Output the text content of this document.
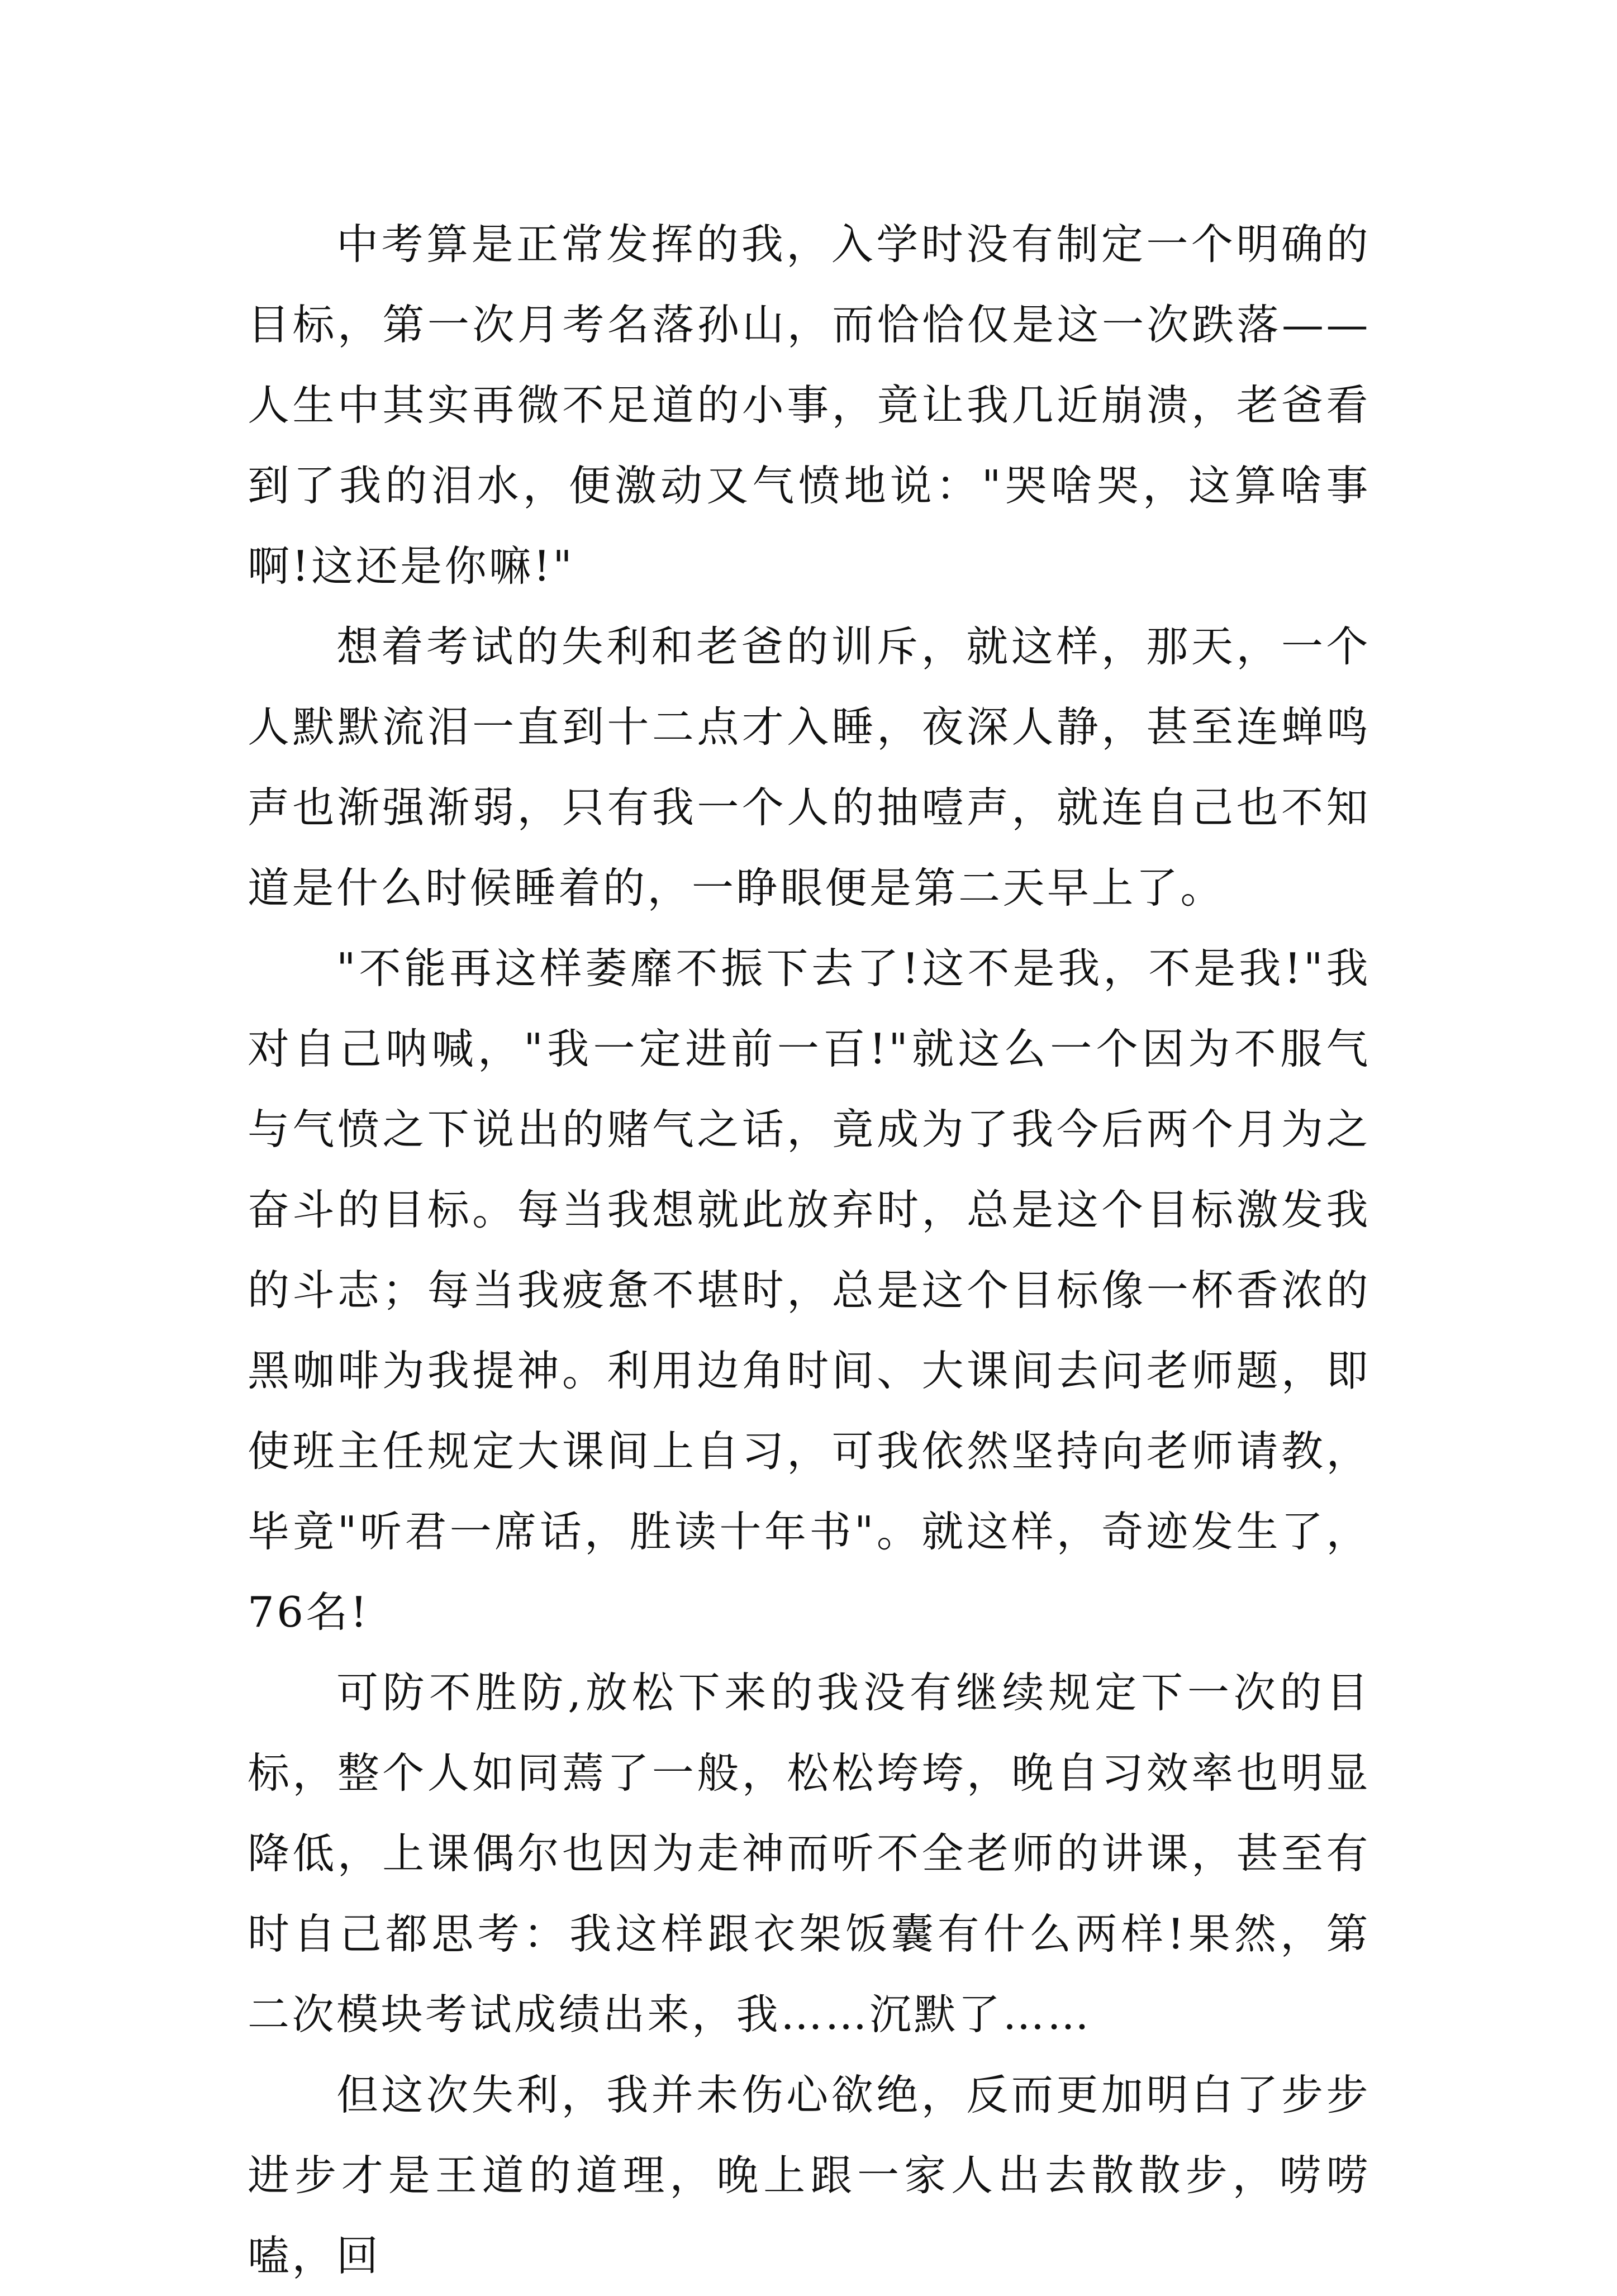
中考算是正常发挥的我，入学时没有制定一个明确的目标，第一次月考名落孙山，而恰恰仅是这一次跌落——人生中其实再微不足道的小事，竟让我几近崩溃，老爸看到了我的泪水，便激动又气愤地说："哭啥哭，这算啥事啊!这还是你嘛!"

想着考试的失利和老爸的训斥，就这样，那天，一个人默默流泪一直到十二点才入睡，夜深人静，甚至连蝉鸣声也渐强渐弱，只有我一个人的抽噎声，就连自己也不知道是什么时候睡着的，一睁眼便是第二天早上了。

"不能再这样萎靡不振下去了!这不是我，不是我!"我对自己呐喊，"我一定进前一百!"就这么一个因为不服气与气愤之下说出的赌气之话，竟成为了我今后两个月为之奋斗的目标。每当我想就此放弃时，总是这个目标激发我的斗志；每当我疲惫不堪时，总是这个目标像一杯香浓的黑咖啡为我提神。利用边角时间、大课间去问老师题，即使班主任规定大课间上自习，可我依然坚持向老师请教，毕竟"听君一席话，胜读十年书"。就这样，奇迹发生了，76名!

可防不胜防,放松下来的我没有继续规定下一次的目标，整个人如同蔫了一般，松松垮垮，晚自习效率也明显降低，上课偶尔也因为走神而听不全老师的讲课，甚至有时自己都思考：我这样跟衣架饭囊有什么两样!果然，第二次模块考试成绩出来，我……沉默了……

但这次失利，我并未伤心欲绝，反而更加明白了步步进步才是王道的道理，晚上跟一家人出去散散步，唠唠嗑，回
